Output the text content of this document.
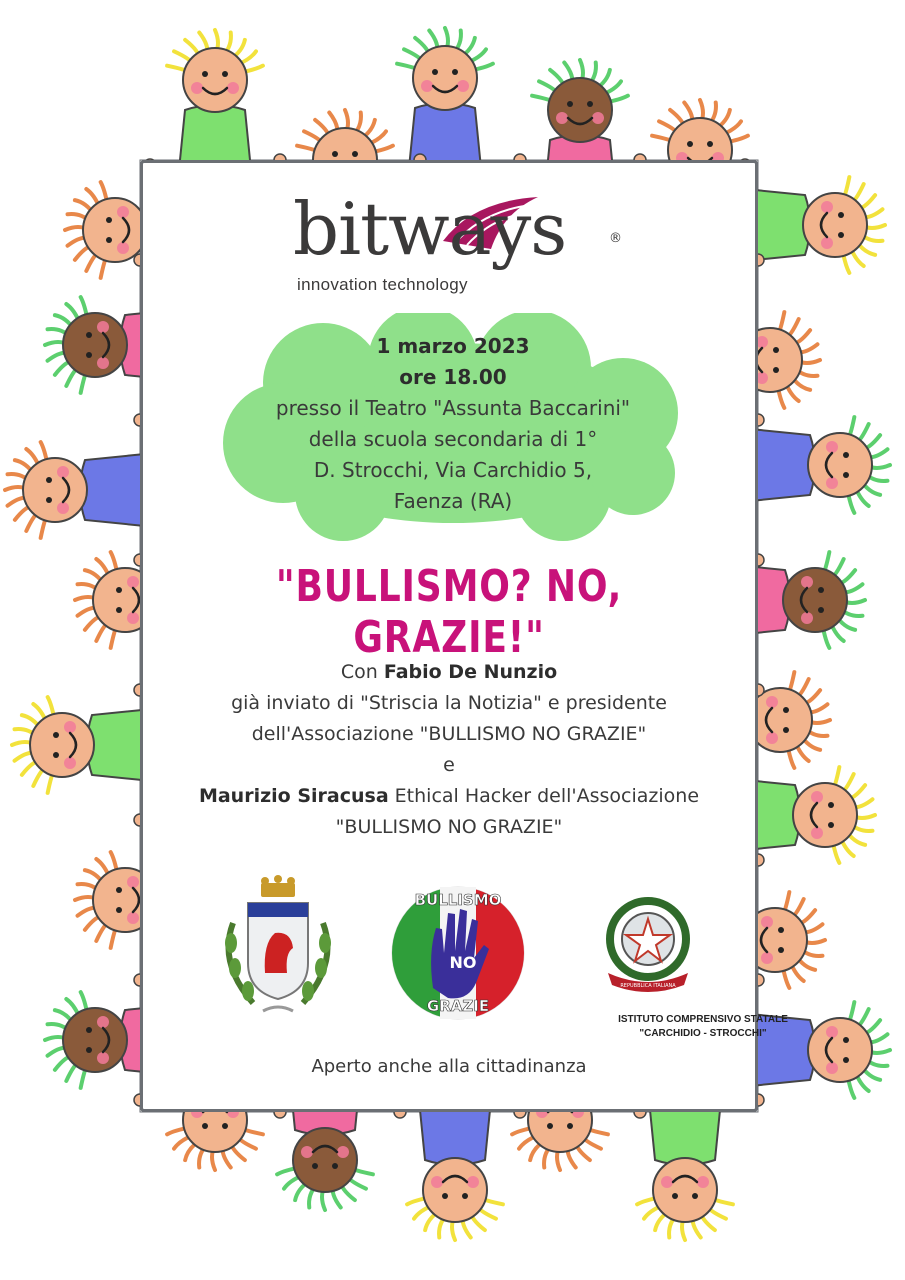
bitways	®
innovation technology
1 marzo 2023
ore 18.00
presso il Teatro "Assunta Baccarini"
della scuola secondaria di 1°
D. Strocchi, Via Carchidio 5,
Faenza (RA)
"BULLISMO? NO, GRAZIE!"
Con Fabio De Nunzio
già inviato di "Striscia la Notizia" e presidente
dell'Associazione "BULLISMO NO GRAZIE"
e
Maurizio Siracusa Ethical Hacker dell'Associazione
"BULLISMO NO GRAZIE"
BULLISMO
NO
GRAZIE
REPUBBLICA ITALIANA
ISTITUTO COMPRENSIVO STATALE
"CARCHIDIO - STROCCHI"
Aperto anche alla cittadinanza
